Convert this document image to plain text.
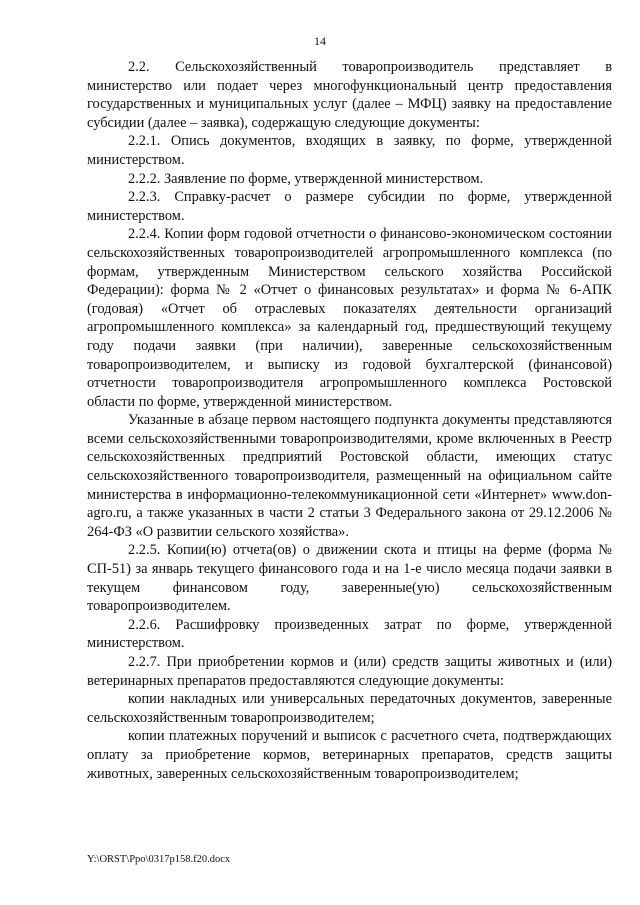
14

2.2. Сельскохозяйственный товаропроизводитель представляет в министерство или подает через многофункциональный центр предоставления государственных и муниципальных услуг (далее – МФЦ) заявку на предоставление субсидии (далее – заявка), содержащую следующие документы:

2.2.1. Опись документов, входящих в заявку, по форме, утвержденной министерством.

2.2.2. Заявление по форме, утвержденной министерством.

2.2.3. Справку-расчет о размере субсидии по форме, утвержденной министерством.

2.2.4. Копии форм годовой отчетности о финансово-экономическом состоянии сельскохозяйственных товаропроизводителей агропромышленного комплекса (по формам, утвержденным Министерством сельского хозяйства Российской Федерации): форма № 2 «Отчет о финансовых результатах» и форма № 6-АПК (годовая) «Отчет об отраслевых показателях деятельности организаций агропромышленного комплекса» за календарный год, предшествующий текущему году подачи заявки (при наличии), заверенные сельскохозяйственным товаропроизводителем, и выписку из годовой бухгалтерской (финансовой) отчетности товаропроизводителя агропромышленного комплекса Ростовской области по форме, утвержденной министерством.

Указанные в абзаце первом настоящего подпункта документы представляются всеми сельскохозяйственными товаропроизводителями, кроме включенных в Реестр сельскохозяйственных предприятий Ростовской области, имеющих статус сельскохозяйственного товаропроизводителя, размещенный на официальном сайте министерства в информационно-телекоммуникационной сети «Интернет» www.don-agro.ru, а также указанных в части 2 статьи 3 Федерального закона от 29.12.2006 № 264-ФЗ «О развитии сельского хозяйства».

2.2.5. Копии(ю) отчета(ов) о движении скота и птицы на ферме (форма № СП-51) за январь текущего финансового года и на 1-е число месяца подачи заявки в текущем финансовом году, заверенные(ую) сельскохозяйственным товаропроизводителем.

2.2.6. Расшифровку произведенных затрат по форме, утвержденной министерством.

2.2.7. При приобретении кормов и (или) средств защиты животных и (или) ветеринарных препаратов предоставляются следующие документы:

копии накладных или универсальных передаточных документов, заверенные сельскохозяйственным товаропроизводителем;

копии платежных поручений и выписок с расчетного счета, подтверждающих оплату за приобретение кормов, ветеринарных препаратов, средств защиты животных, заверенных сельскохозяйственным товаропроизводителем;

Y:\ORST\Ppo\0317p158.f20.docx
